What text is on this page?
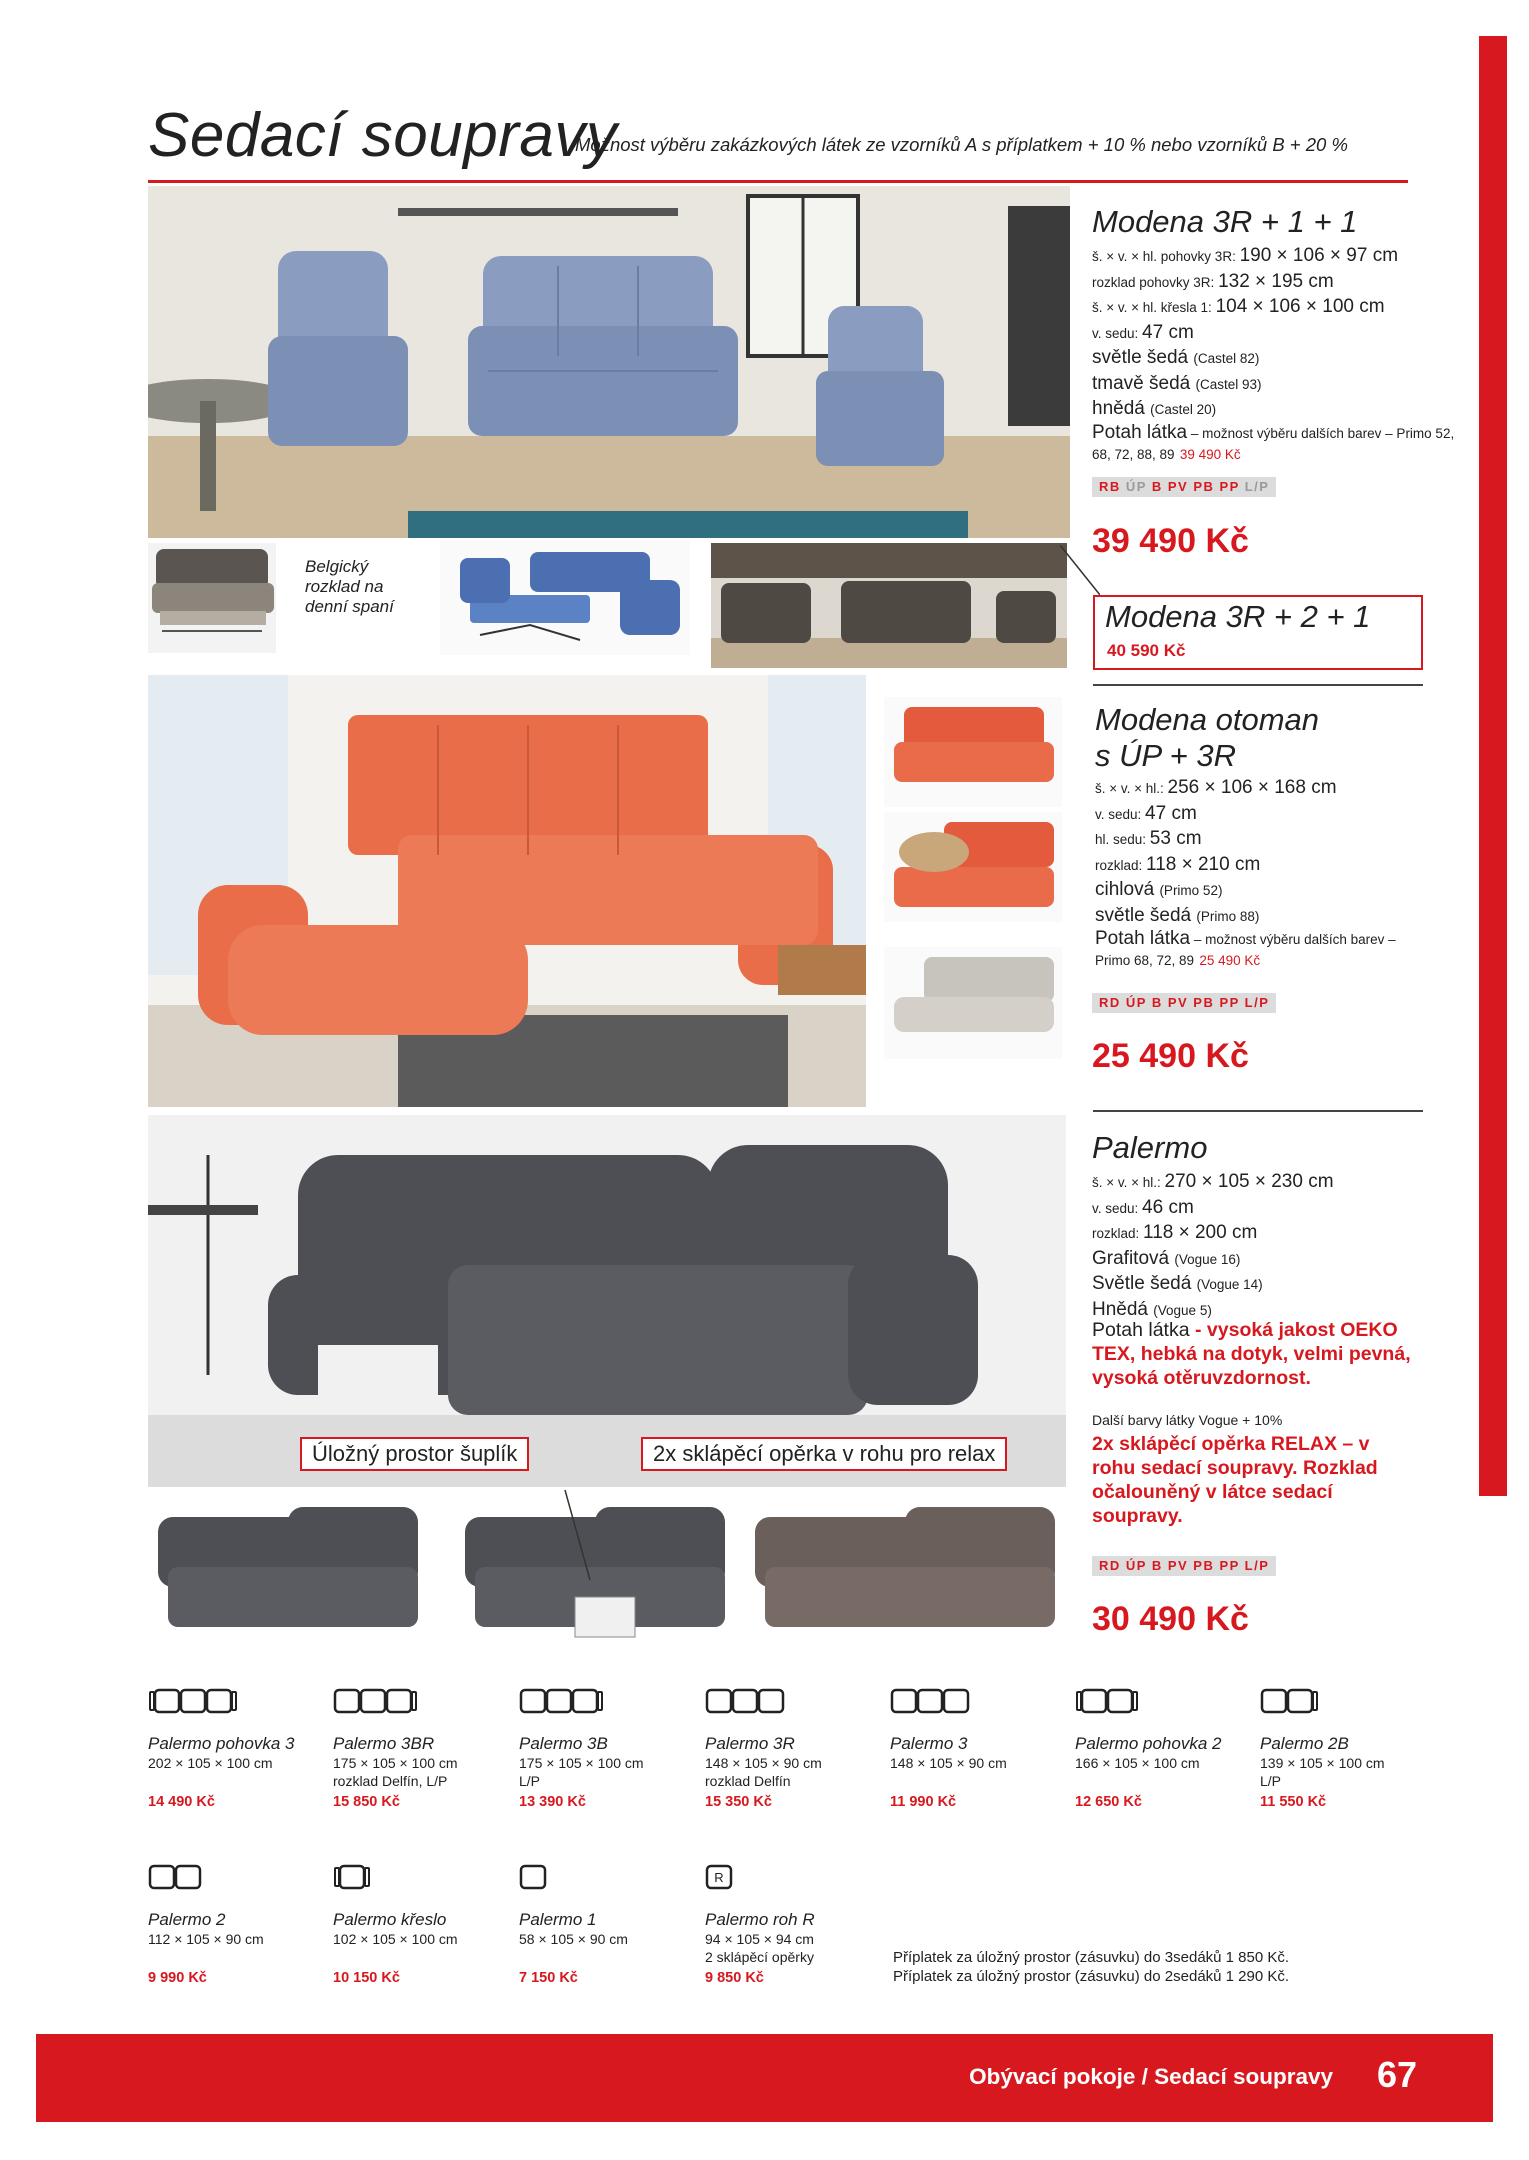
Sedací soupravy
Možnost výběru zakázkových látek ze vzorníků A s příplatkem + 10 % nebo vzorníků B + 20 %
Modena 3R + 1 + 1
š. × v. × hl. pohovky 3R: 190 × 106 × 97 cm
rozklad pohovky 3R: 132 × 195 cm
š. × v. × hl. křesla 1: 104 × 106 × 100 cm
v. sedu: 47 cm
světle šedá (Castel 82)
tmavě šedá (Castel 93)
hnědá (Castel 20)
Potah látka – možnost výběru dalších barev – Primo 52, 68, 72, 88, 89 39 490 Kč
RB ÚP B PV PB PP L/P
39 490 Kč
Belgický rozklad na denní spaní	Modena 3R + 2 + 1
40 590 Kč
Modena otoman
s ÚP + 3R
š. × v. × hl.: 256 × 106 × 168 cm
v. sedu: 47 cm
hl. sedu: 53 cm
rozklad: 118 × 210 cm
cihlová (Primo 52)
světle šedá (Primo 88)
Potah látka – možnost výběru dalších barev – Primo 68, 72, 89 25 490 Kč
RD ÚP B PV PB PP L/P
25 490 Kč
Úložný prostor šuplík	2x sklápěcí opěrka v rohu pro relax
Palermo
š. × v. × hl.: 270 × 105 × 230 cm
v. sedu: 46 cm
rozklad: 118 × 200 cm
Grafitová (Vogue 16)
Světle šedá (Vogue 14)
Hnědá (Vogue 5)
Potah látka - vysoká jakost OEKO TEX, hebká na dotyk, velmi pevná, vysoká otěruvzdornost.
Další barvy látky Vogue + 10%
2x sklápěcí opěrka RELAX – v rohu sedací soupravy. Rozklad očalouněný v látce sedací soupravy.
RD ÚP B PV PB PP L/P
30 490 Kč
Příplatek za úložný prostor (zásuvku) do 3sedáků 1 850 Kč.
Příplatek za úložný prostor (zásuvku) do 2sedáků 1 290 Kč.
Obývací pokoje / Sedací soupravy 67
Palermo pohovka 3
202 × 105 × 100 cm
14 490 Kč
Palermo 3BR
175 × 105 × 100 cm
rozklad Delfín, L/P
15 850 Kč
Palermo 3B
175 × 105 × 100 cm
L/P
13 390 Kč
Palermo 3R
148 × 105 × 90 cm
rozklad Delfín
15 350 Kč
Palermo 3
148 × 105 × 90 cm
11 990 Kč
Palermo pohovka 2
166 × 105 × 100 cm
12 650 Kč
Palermo 2B
139 × 105 × 100 cm
L/P
11 550 Kč
Palermo 2
112 × 105 × 90 cm
9 990 Kč
Palermo křeslo
102 × 105 × 100 cm
10 150 Kč
Palermo 1
58 × 105 × 90 cm
7 150 Kč
R
Palermo roh R
94 × 105 × 94 cm
2 sklápěcí opěrky
9 850 Kč
